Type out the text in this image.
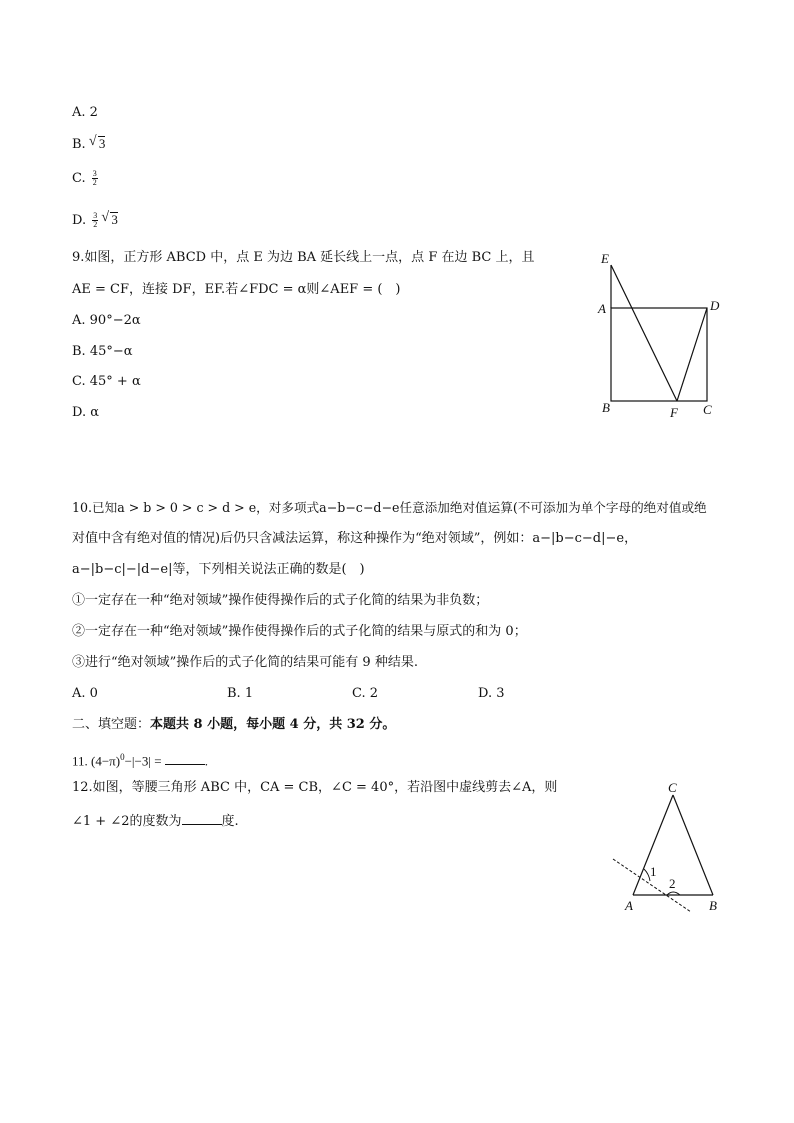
A. 2
B. √ 3
C. $\frac{3}{2}$
D. $\frac{3}{2}$ √ 3
9.如图，正方形 ABCD 中，点 E 为边 BA 延长线上一点，点 F 在边 BC 上，且
AE = CF，连接 DF，EF.若∠FDC = α则∠AEF = (　)
A. 90°−2α
B. 45°−α
C. 45° + α
D. α
E
A	D
B	F C
10.已知a > b > 0 > c > d > e，对多项式a−b−c−d−e任意添加绝对值运算(不可添加为单个字母的绝对值或绝
对值中含有绝对值的情况)后仍只含减法运算，称这种操作为“绝对领域”，例如：a−|b−c−d|−e，
a−|b−c|−|d−e|等，下列相关说法正确的数是(　)
①一定存在一种“绝对领域”操作使得操作后的式子化简的结果为非负数；
②一定存在一种“绝对领域”操作使得操作后的式子化简的结果与原式的和为 0；
③进行“绝对领域”操作后的式子化简的结果可能有 9 种结果.
A. 0	B. 1	C. 2	D. 3
二、填空题：本题共 8 小题，每小题 4 分，共 32 分。
11. $(4-\pi)^0-|-3|$ =	.
12.如图，等腰三角形 ABC 中，CA = CB，∠C = 40°，若沿图中虚线剪去∠A，则
∠1 + ∠2的度数为	度.
C
A	B
1
2
